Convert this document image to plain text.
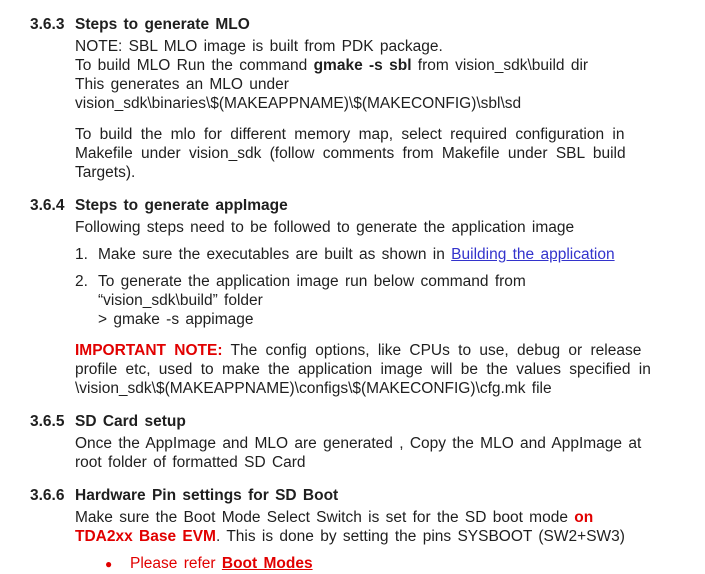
3.6.3 Steps to generate MLO
NOTE: SBL MLO image is built from PDK package.
To build MLO Run the command gmake -s sbl from vision_sdk\build dir
This generates an MLO under
vision_sdk\binaries\$(MAKEAPPNAME)\$(MAKECONFIG)\sbl\sd
To build the mlo for different memory map, select required configuration in
Makefile under vision_sdk (follow comments from Makefile under SBL build
Targets).
3.6.4 Steps to generate appImage
Following steps need to be followed to generate the application image
1. Make sure the executables are built as shown in Building the application
2. To generate the application image run below command from
“vision_sdk\build” folder
> gmake -s appimage
IMPORTANT NOTE: The config options, like CPUs to use, debug or release
profile etc, used to make the application image will be the values specified in
\vision_sdk\$(MAKEAPPNAME)\configs\$(MAKECONFIG)\cfg.mk file
3.6.5 SD Card setup
Once the AppImage and MLO are generated , Copy the MLO and AppImage at
root folder of formatted SD Card
3.6.6 Hardware Pin settings for SD Boot
Make sure the Boot Mode Select Switch is set for the SD boot mode on
TDA2xx Base EVM. This is done by setting the pins SYSBOOT (SW2+SW3)
●	Please refer Boot Modes
